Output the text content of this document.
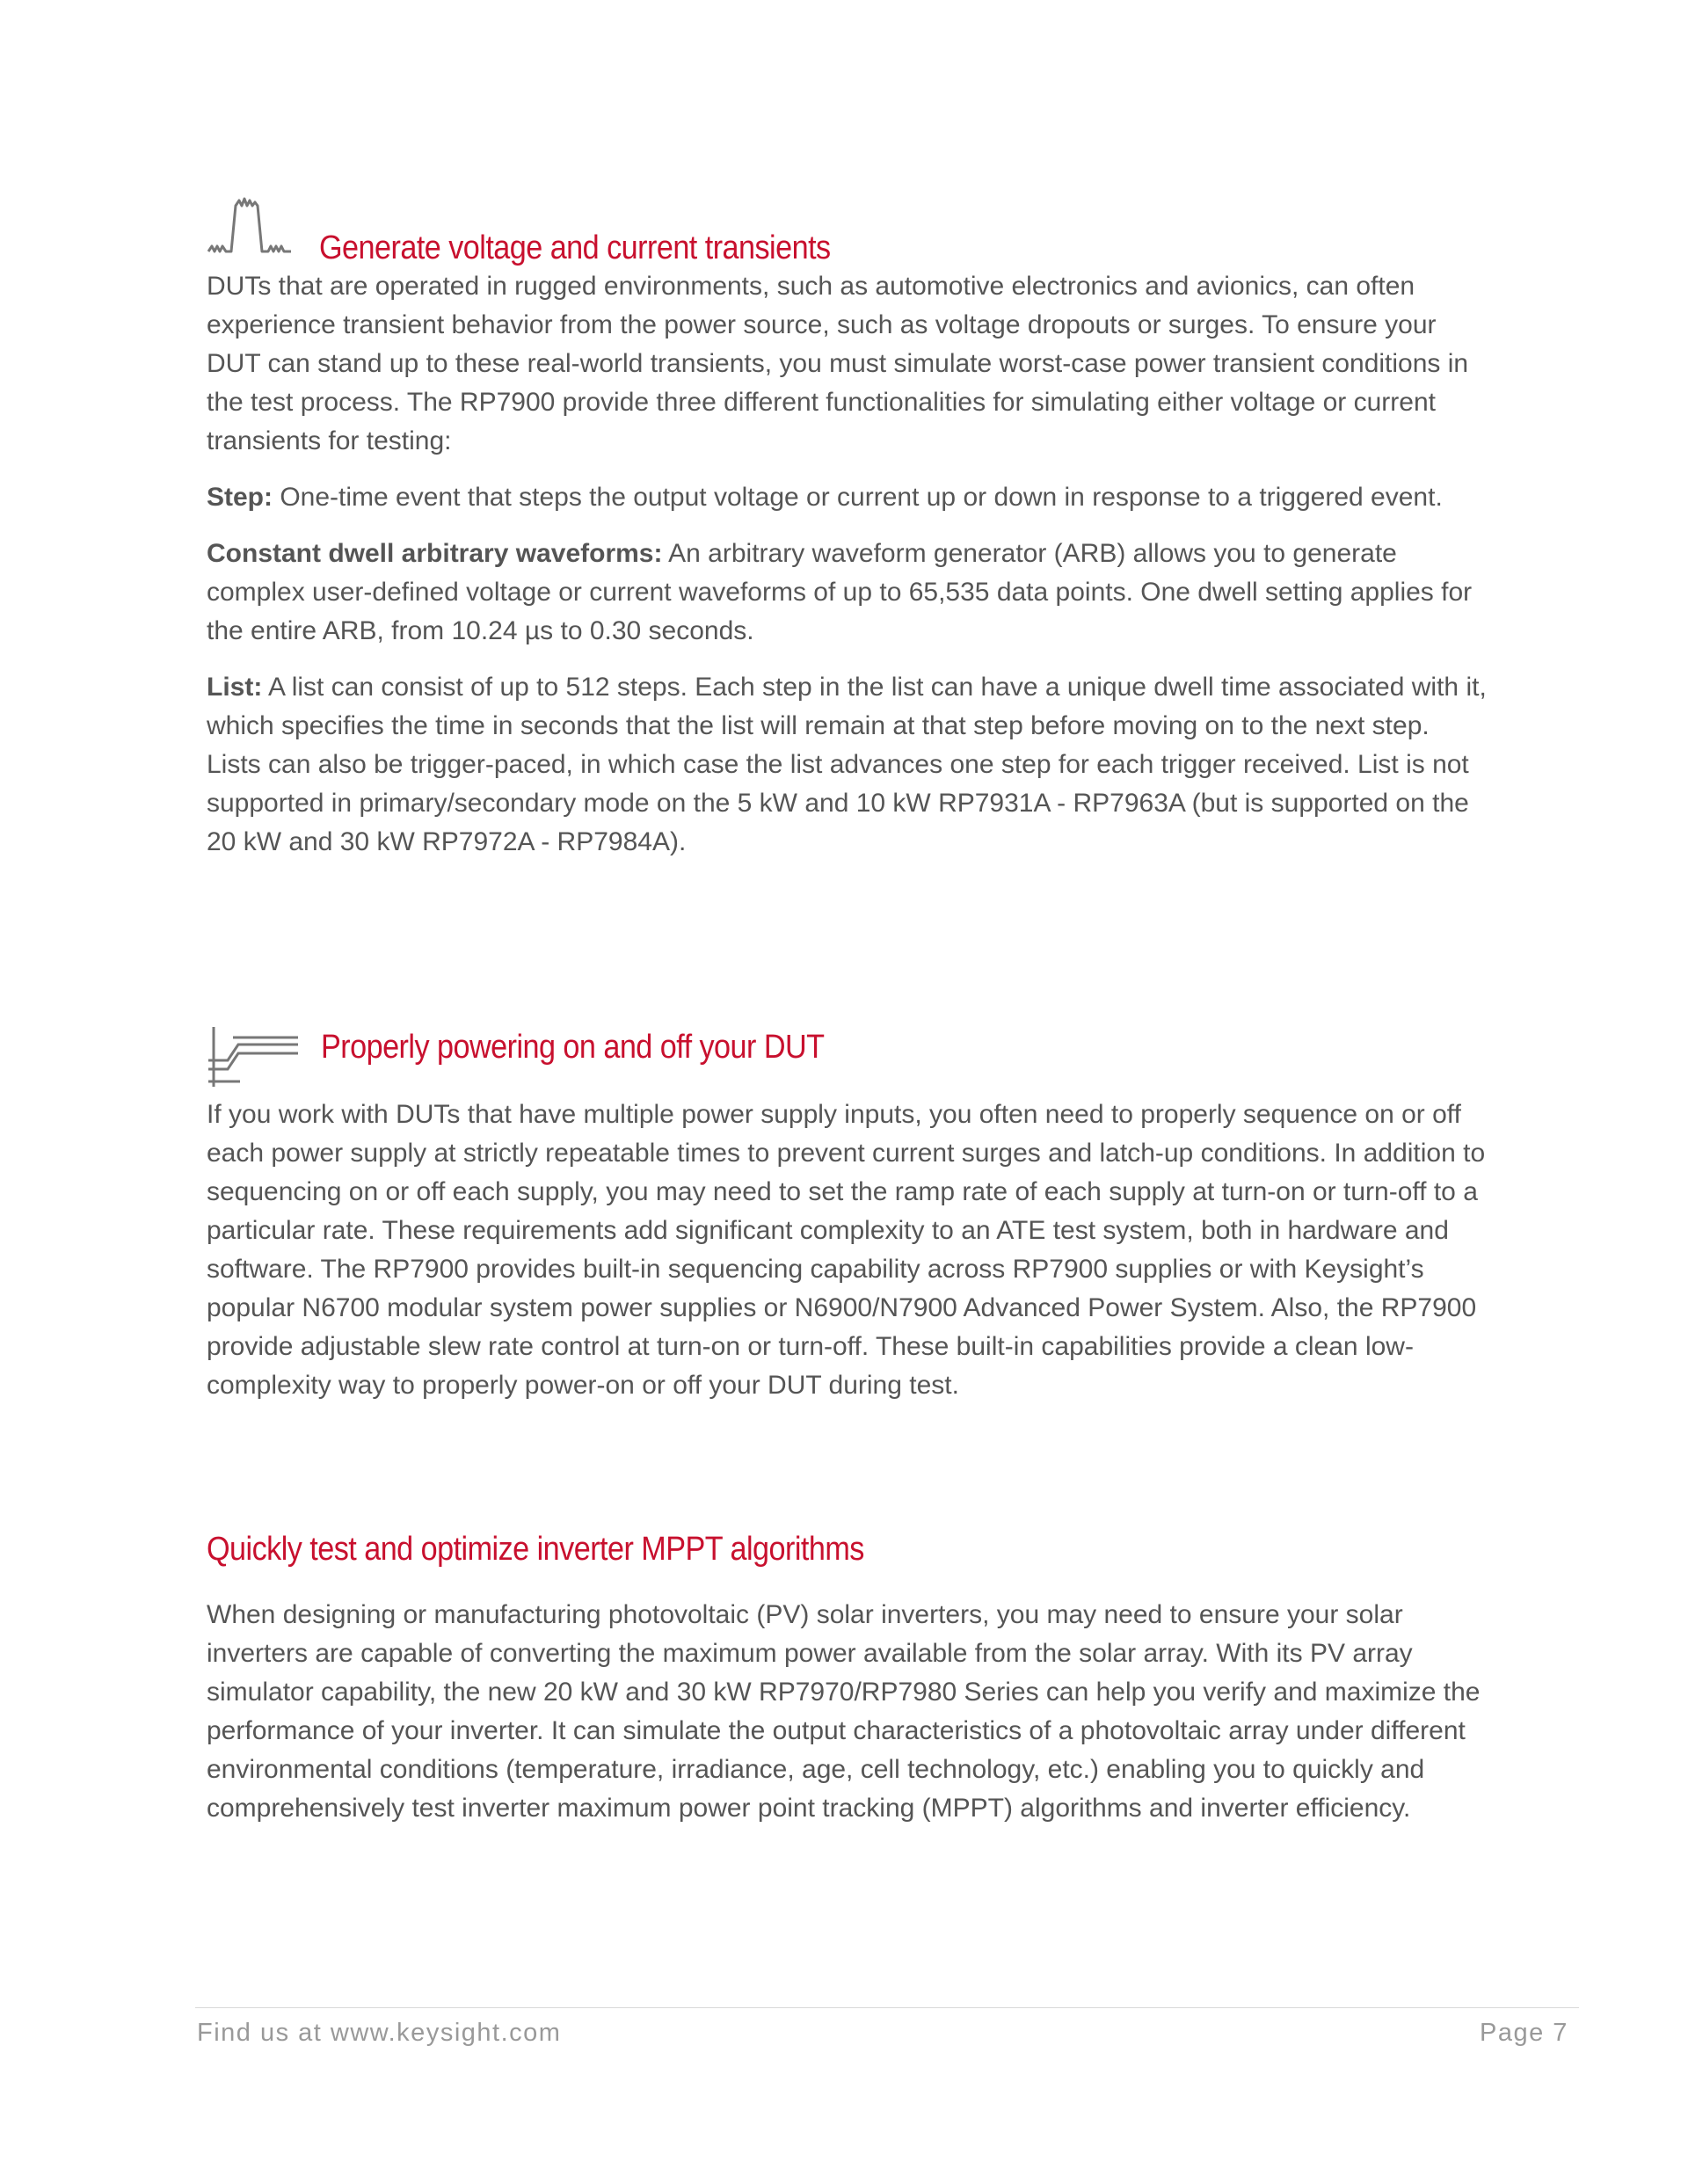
Generate voltage and current transients

DUTs that are operated in rugged environments, such as automotive electronics and avionics, can often experience transient behavior from the power source, such as voltage dropouts or surges. To ensure your DUT can stand up to these real-world transients, you must simulate worst-case power transient conditions in the test process. The RP7900 provide three different functionalities for simulating either voltage or current transients for testing:

Step: One-time event that steps the output voltage or current up or down in response to a triggered event.

Constant dwell arbitrary waveforms: An arbitrary waveform generator (ARB) allows you to generate complex user-defined voltage or current waveforms of up to 65,535 data points. One dwell setting applies for the entire ARB, from 10.24 µs to 0.30 seconds.

List: A list can consist of up to 512 steps. Each step in the list can have a unique dwell time associated with it, which specifies the time in seconds that the list will remain at that step before moving on to the next step. Lists can also be trigger-paced, in which case the list advances one step for each trigger received. List is not supported in primary/secondary mode on the 5 kW and 10 kW RP7931A - RP7963A (but is supported on the 20 kW and 30 kW RP7972A - RP7984A).

Properly powering on and off your DUT

If you work with DUTs that have multiple power supply inputs, you often need to properly sequence on or off each power supply at strictly repeatable times to prevent current surges and latch-up conditions. In addition to sequencing on or off each supply, you may need to set the ramp rate of each supply at turn-on or turn-off to a particular rate. These requirements add significant complexity to an ATE test system, both in hardware and software. The RP7900 provides built-in sequencing capability across RP7900 supplies or with Keysight’s popular N6700 modular system power supplies or N6900/N7900 Advanced Power System. Also, the RP7900 provide adjustable slew rate control at turn-on or turn-off. These built-in capabilities provide a clean low-complexity way to properly power-on or off your DUT during test.

Quickly test and optimize inverter MPPT algorithms

When designing or manufacturing photovoltaic (PV) solar inverters, you may need to ensure your solar inverters are capable of converting the maximum power available from the solar array. With its PV array simulator capability, the new 20 kW and 30 kW RP7970/RP7980 Series can help you verify and maximize the performance of your inverter. It can simulate the output characteristics of a photovoltaic array under different environmental conditions (temperature, irradiance, age, cell technology, etc.) enabling you to quickly and comprehensively test inverter maximum power point tracking (MPPT) algorithms and inverter efficiency.

Find us at www.keysight.com	Page 7
